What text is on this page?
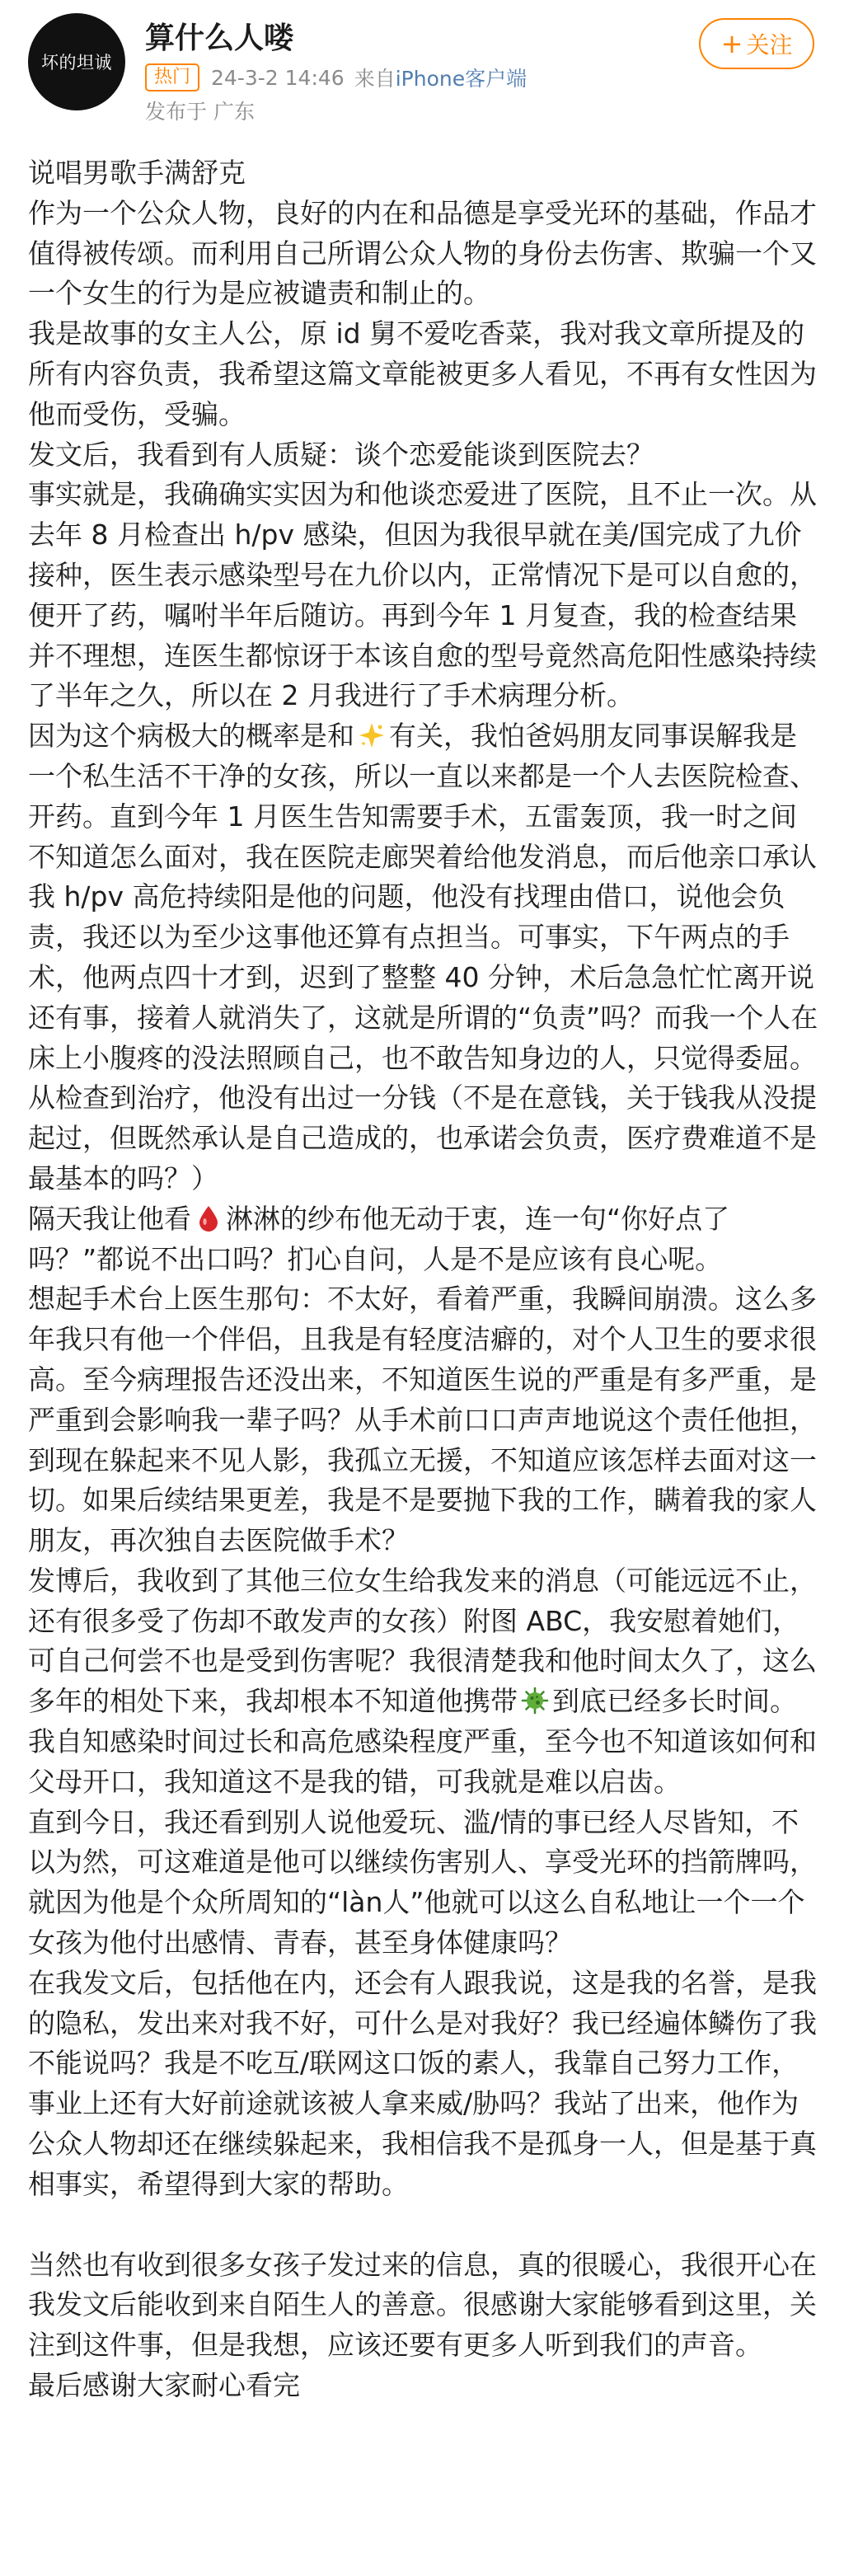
坏的坦诚
算什么人喽
热门	24-3-2 14:46 来自 iPhone客户端
发布于 广东
+ 关注

说唱男歌手满舒克

作为一个公众人物，良好的内在和品德是享受光环的基础，作品才值得被传颂。而利用自己所谓公众人物的身份去伤害、欺骗一个又一个女生的行为是应被谴责和制止的。

我是故事的女主人公，原 id 舅不爱吃香菜，我对我文章所提及的所有内容负责，我希望这篇文章能被更多人看见，不再有女性因为他而受伤，受骗。

发文后，我看到有人质疑：谈个恋爱能谈到医院去？

事实就是，我确确实实因为和他谈恋爱进了医院，且不止一次。从去年 8 月检查出 h/pv 感染，但因为我很早就在美/国完成了九价接种，医生表示感染型号在九价以内，正常情况下是可以自愈的，便开了药，嘱咐半年后随访。再到今年 1 月复查，我的检查结果并不理想，连医生都惊讶于本该自愈的型号竟然高危阳性感染持续了半年之久，所以在 2 月我进行了手术病理分析。

因为这个病极大的概率是和 有关，我怕爸妈朋友同事误解我是一个私生活不干净的女孩，所以一直以来都是一个人去医院检查、开药。直到今年 1 月医生告知需要手术，五雷轰顶，我一时之间不知道怎么面对，我在医院走廊哭着给他发消息，而后他亲口承认我 h/pv 高危持续阳是他的问题，他没有找理由借口，说他会负责，我还以为至少这事他还算有点担当。可事实，下午两点的手术，他两点四十才到，迟到了整整 40 分钟，术后急急忙忙离开说还有事，接着人就消失了，这就是所谓的“负责”吗？而我一个人在床上小腹疼的没法照顾自己，也不敢告知身边的人，只觉得委屈。

从检查到治疗，他没有出过一分钱（不是在意钱，关于钱我从没提起过，但既然承认是自己造成的，也承诺会负责，医疗费难道不是最基本的吗？）

隔天我让他看 淋淋的纱布他无动于衷，连一句“你好点了吗？”都说不出口吗？扪心自问，人是不是应该有良心呢。

想起手术台上医生那句：不太好，看着严重，我瞬间崩溃。这么多年我只有他一个伴侣，且我是有轻度洁癖的，对个人卫生的要求很高。至今病理报告还没出来，不知道医生说的严重是有多严重，是严重到会影响我一辈子吗？从手术前口口声声地说这个责任他担，到现在躲起来不见人影，我孤立无援，不知道应该怎样去面对这一切。如果后续结果更差，我是不是要抛下我的工作，瞒着我的家人朋友，再次独自去医院做手术？

发博后，我收到了其他三位女生给我发来的消息（可能远远不止，还有很多受了伤却不敢发声的女孩）附图 ABC，我安慰着她们，可自己何尝不也是受到伤害呢？我很清楚我和他时间太久了，这么多年的相处下来，我却根本不知道他携带 到底已经多长时间。

我自知感染时间过长和高危感染程度严重，至今也不知道该如何和父母开口，我知道这不是我的错，可我就是难以启齿。

直到今日，我还看到别人说他爱玩、滥/情的事已经人尽皆知，不以为然，可这难道是他可以继续伤害别人、享受光环的挡箭牌吗，就因为他是个众所周知的“làn人”他就可以这么自私地让一个一个女孩为他付出感情、青春，甚至身体健康吗？

在我发文后，包括他在内，还会有人跟我说，这是我的名誉，是我的隐私，发出来对我不好，可什么是对我好？我已经遍体鳞伤了我不能说吗？我是不吃互/联网这口饭的素人，我靠自己努力工作，事业上还有大好前途就该被人拿来威/胁吗？我站了出来，他作为公众人物却还在继续躲起来，我相信我不是孤身一人，但是基于真相事实，希望得到大家的帮助。

当然也有收到很多女孩子发过来的信息，真的很暖心，我很开心在我发文后能收到来自陌生人的善意。很感谢大家能够看到这里，关注到这件事，但是我想，应该还要有更多人听到我们的声音。

最后感谢大家耐心看完
